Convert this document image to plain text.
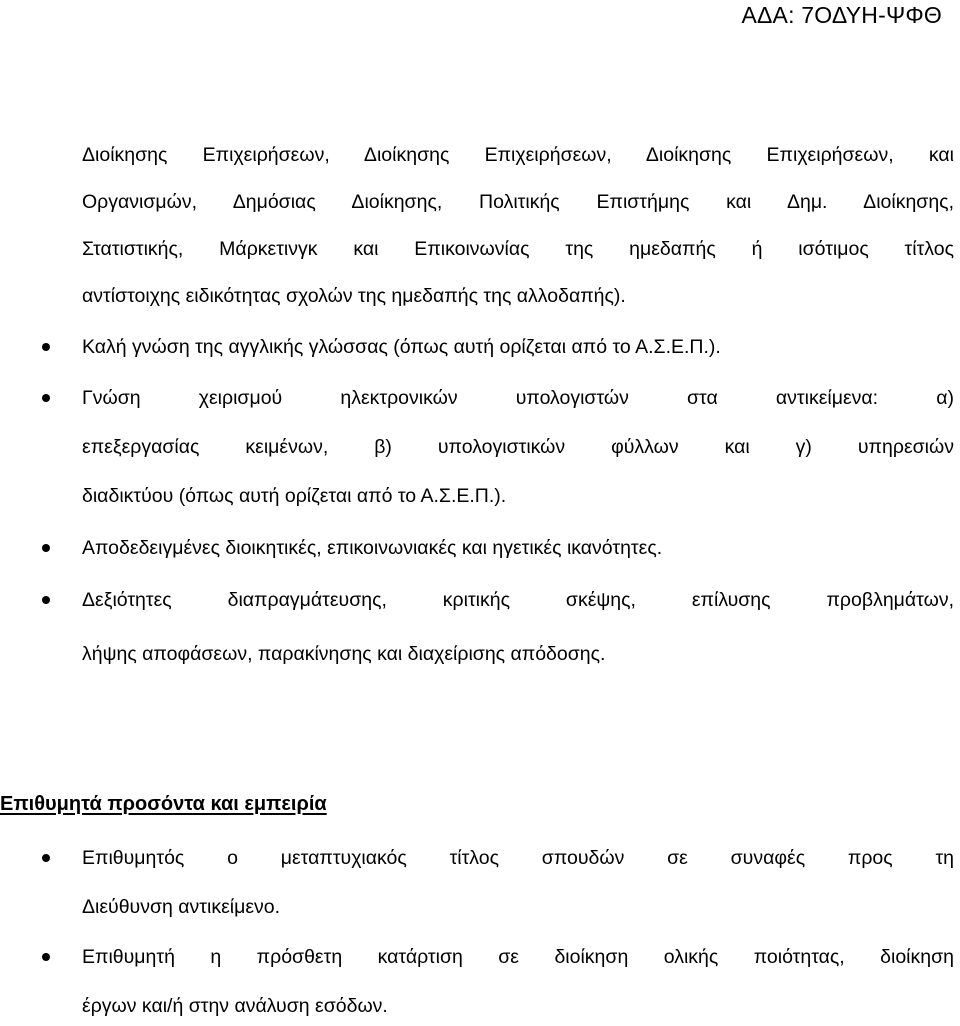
ΑΔΑ: 7ΟΔΥΗ-ΨΦΘ
Διοίκησης Επιχειρήσεων, Διοίκησης Επιχειρήσεων, Διοίκησης Επιχειρήσεων, και
Οργανισμών, Δημόσιας Διοίκησης, Πολιτικής Επιστήμης και Δημ. Διοίκησης,
Στατιστικής, Μάρκετινγκ και Επικοινωνίας της ημεδαπής ή ισότιμος τίτλος
αντίστοιχης ειδικότητας σχολών της ημεδαπής της αλλοδαπής).
Καλή γνώση της αγγλικής γλώσσας (όπως αυτή ορίζεται από το Α.Σ.Ε.Π.).
Γνώση χειρισμού ηλεκτρονικών υπολογιστών στα αντικείμενα: α)
επεξεργασίας κειμένων, β) υπολογιστικών φύλλων και γ) υπηρεσιών
διαδικτύου (όπως αυτή ορίζεται από το Α.Σ.Ε.Π.).
Αποδεδειγμένες διοικητικές, επικοινωνιακές και ηγετικές ικανότητες.
Δεξιότητες διαπραγμάτευσης, κριτικής σκέψης, επίλυσης προβλημάτων,
λήψης αποφάσεων, παρακίνησης και διαχείρισης απόδοσης.
Επιθυμητά προσόντα και εμπειρία
Επιθυμητός ο μεταπτυχιακός τίτλος σπουδών σε συναφές προς τη
Διεύθυνση αντικείμενο.
Επιθυμητή η πρόσθετη κατάρτιση σε διοίκηση ολικής ποιότητας, διοίκηση
έργων και/ή στην ανάλυση εσόδων.
